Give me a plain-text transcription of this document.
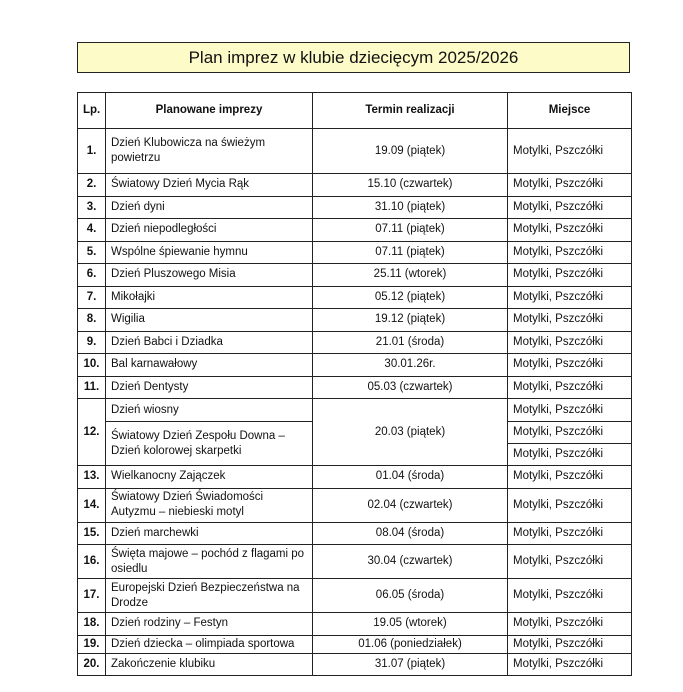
Plan imprez w klubie dziecięcym 2025/2026
Lp.	Planowane imprezy	Termin realizacji	Miejsce
1.	Dzień Klubowicza na świeżym powietrzu	19.09 (piątek)	Motylki, Pszczółki
2.	Światowy Dzień Mycia Rąk	15.10 (czwartek)	Motylki, Pszczółki
3.	Dzień dyni	31.10 (piątek)	Motylki, Pszczółki
4.	Dzień niepodległości	07.11 (piątek)	Motylki, Pszczółki
5.	Wspólne śpiewanie hymnu	07.11 (piątek)	Motylki, Pszczółki
6.	Dzień Pluszowego Misia	25.11 (wtorek)	Motylki, Pszczółki
7.	Mikołajki	05.12 (piątek)	Motylki, Pszczółki
8.	Wigilia	19.12 (piątek)	Motylki, Pszczółki
9.	Dzień Babci i Dziadka	21.01 (środa)	Motylki, Pszczółki
10.	Bal karnawałowy	30.01.26r.	Motylki, Pszczółki
11.	Dzień Dentysty	05.03 (czwartek)	Motylki, Pszczółki
12.	Dzień wiosny	20.03 (piątek)	Motylki, Pszczółki
	Światowy Dzień Zespołu Downa – Dzień kolorowej skarpetki		Motylki, Pszczółki
			Motylki, Pszczółki
13.	Wielkanocny Zajączek	01.04 (środa)	Motylki, Pszczółki
14.	Światowy Dzień Świadomości Autyzmu – niebieski motyl	02.04 (czwartek)	Motylki, Pszczółki
15.	Dzień marchewki	08.04 (środa)	Motylki, Pszczółki
16.	Święta majowe – pochód z flagami po osiedlu	30.04 (czwartek)	Motylki, Pszczółki
17.	Europejski Dzień Bezpieczeństwa na Drodze	06.05 (środa)	Motylki, Pszczółki
18.	Dzień rodziny – Festyn	19.05 (wtorek)	Motylki, Pszczółki
19.	Dzień dziecka – olimpiada sportowa	01.06 (poniedziałek)	Motylki, Pszczółki
20.	Zakończenie klubiku	31.07 (piątek)	Motylki, Pszczółki
